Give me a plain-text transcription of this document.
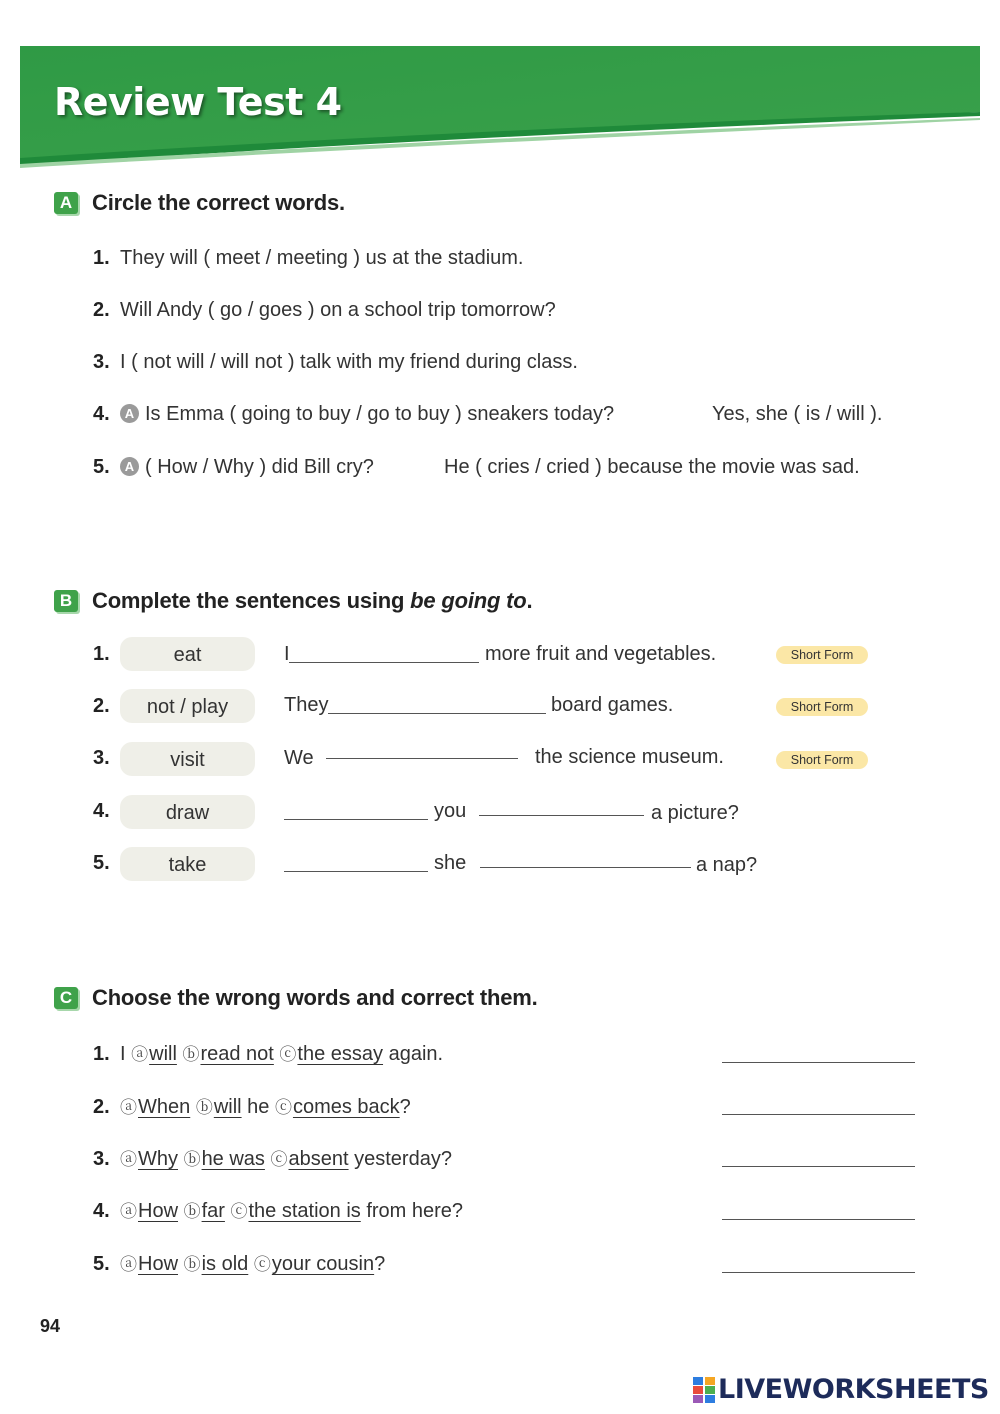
Review Test 4
A Circle the correct words.
1. They will ( meet / meeting ) us at the stadium.
2. Will Andy ( go / goes ) on a school trip tomorrow?
3. I ( not will / will not ) talk with my friend during class.
4.	A Is Emma ( going to buy / go to buy ) sneakers today?	Yes, she ( is / will ).
5.	A ( How / Why ) did Bill cry?	He ( cries / cried ) because the movie was sad.
B Complete the sentences using be going to.
1.	eat	I	more fruit and vegetables.	Short Form
2.	not / play	They	board games.	Short Form
3.	visit	We	the science museum.	Short Form
4.	draw	you	a picture?
5.	take	she	a nap?
C Choose the wrong words and correct them.
1. I ⓐwill ⓑread not ⓒthe essay again.
2. ⓐWhen ⓑwill he ⓒcomes back?
3. ⓐWhy ⓑhe was ⓒabsent yesterday?
4. ⓐHow ⓑfar ⓒthe station is from here?
5. ⓐHow ⓑis old ⓒyour cousin?
94
LIVEWORKSHEETS
